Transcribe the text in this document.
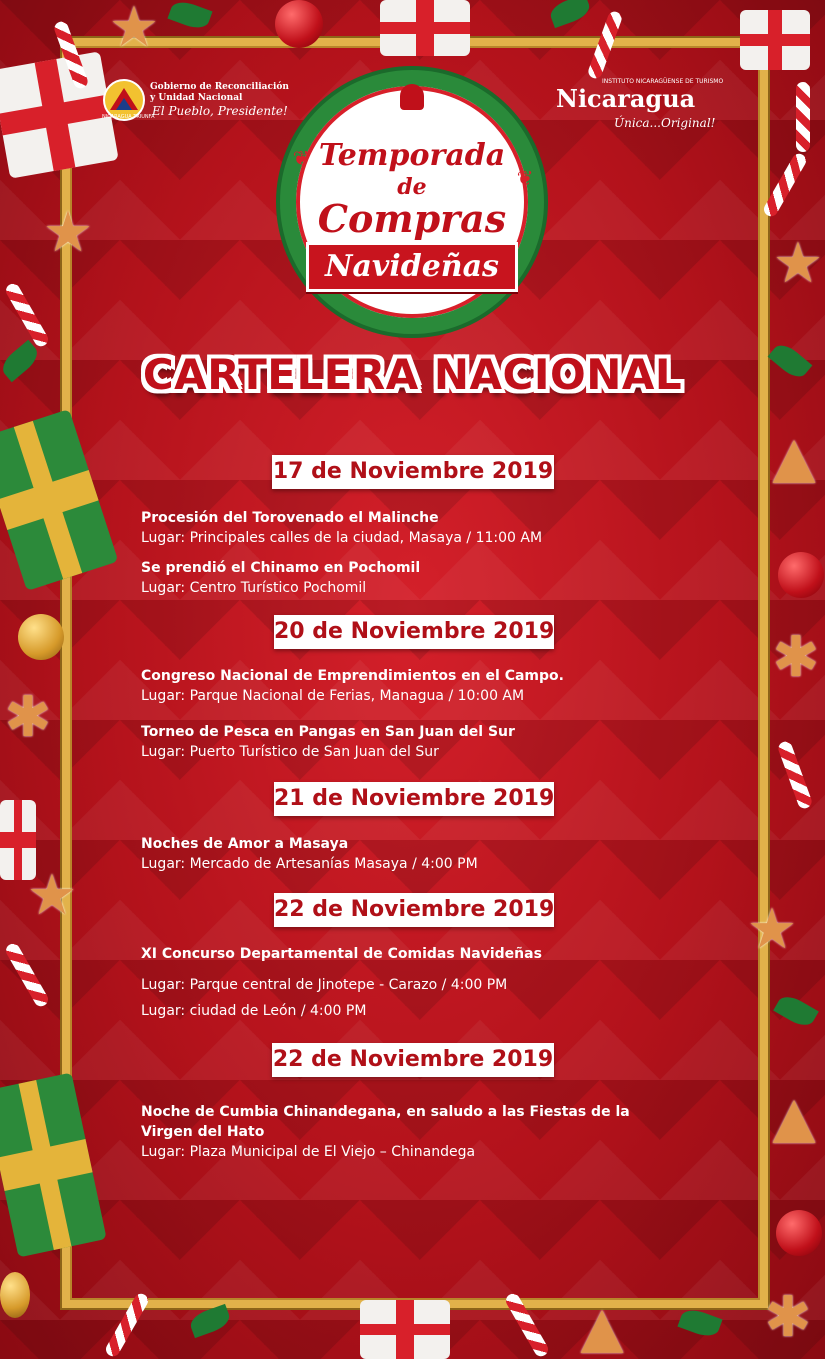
★
★	★
▲
✱
✱
★
★
▲
✱
▲
Gobierno de Reconciliación
y Unidad Nacional
El Pueblo, Presidente!
NICARAGUA TRIUNFA
INSTITUTO NICARAGÜENSE DE TURISMO
Nicaragua
Única...Original!
❦
❦
Temporada
de
Compras
Navideñas
CARTELERA NACIONAL
17 de Noviembre 2019
Procesión del Torovenado el Malinche
Lugar: Principales calles de la ciudad, Masaya / 11:00 AM
Se prendió el Chinamo en Pochomil
Lugar: Centro Turístico Pochomil
20 de Noviembre 2019
Congreso Nacional de Emprendimientos en el Campo.
Lugar: Parque Nacional de Ferias, Managua / 10:00 AM
Torneo de Pesca en Pangas en San Juan del Sur
Lugar: Puerto Turístico de San Juan del Sur
21 de Noviembre 2019
Noches de Amor a Masaya
Lugar: Mercado de Artesanías Masaya / 4:00 PM
22 de Noviembre 2019
XI Concurso Departamental de Comidas Navideñas
Lugar: Parque central de Jinotepe - Carazo / 4:00 PM
Lugar: ciudad de León / 4:00 PM
22 de Noviembre 2019
Noche de Cumbia Chinandegana, en saludo a las Fiestas de la
Virgen del Hato
Lugar: Plaza Municipal de El Viejo – Chinandega
